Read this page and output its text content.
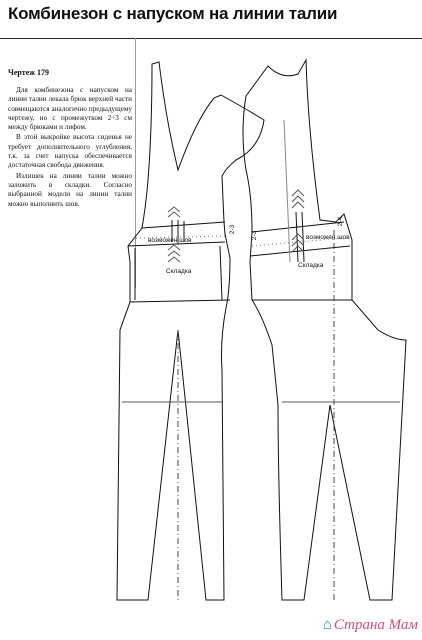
Комбинезон с напуском на линии талии
Чертеж 179

Для комбинезона с напуском на линии талии лекала брюк верхней части совмещаются аналогично предыдущему чертежу, но с промежутком 2÷3 см между брюками и лифом.

В этой выкройке высота сиденья не требует дополнительного углубления, т.к. за счет напуска обеспечивается достаточная свобода движения.

Излишек на линии талии можно заложить в складки. Согласно выбранной модели на линии талии можно выполнить шов.

возможен шов
Складка
2-3
возможен шов
Складка
2-3
2-4
⌂ Страна Мам
